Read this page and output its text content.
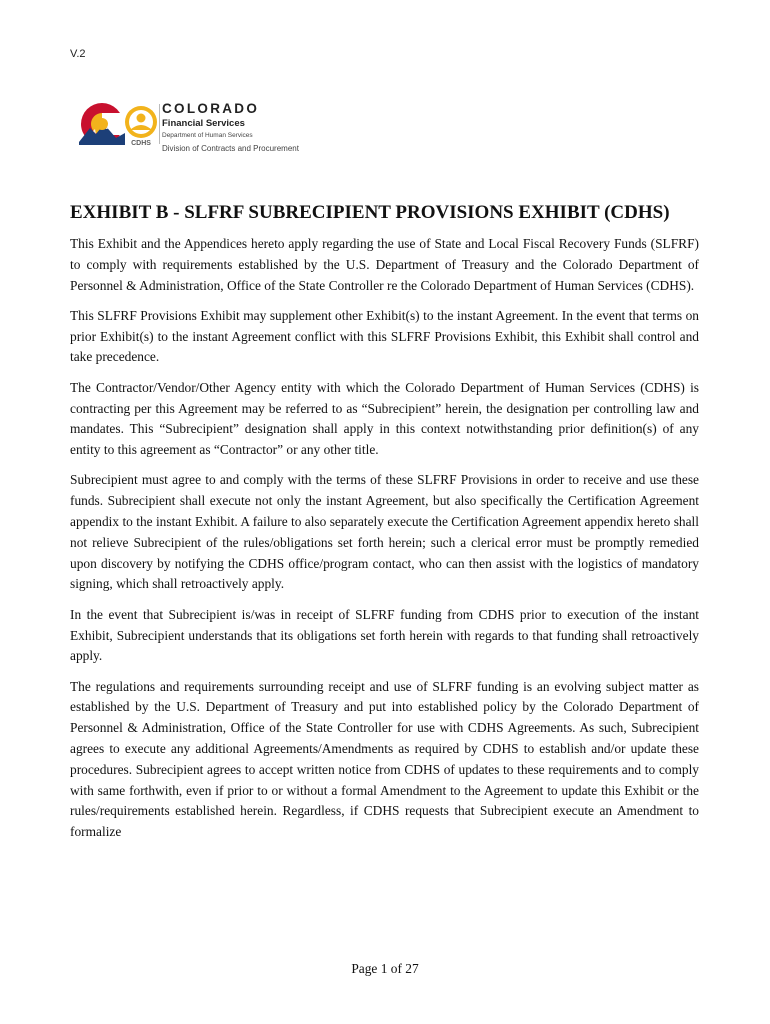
V.2
CDHS
COLORADO
Financial Services
Department of Human Services
Division of Contracts and Procurement
EXHIBIT B - SLFRF SUBRECIPIENT PROVISIONS EXHIBIT (CDHS)

This Exhibit and the Appendices hereto apply regarding the use of State and Local Fiscal Recovery Funds (SLFRF) to comply with requirements established by the U.S. Department of Treasury and the Colorado Department of Personnel & Administration, Office of the State Controller re the Colorado Department of Human Services (CDHS).

This SLFRF Provisions Exhibit may supplement other Exhibit(s) to the instant Agreement. In the event that terms on prior Exhibit(s) to the instant Agreement conflict with this SLFRF Provisions Exhibit, this Exhibit shall control and take precedence.

The Contractor/Vendor/Other Agency entity with which the Colorado Department of Human Services (CDHS) is contracting per this Agreement may be referred to as “Subrecipient” herein, the designation per controlling law and mandates. This “Subrecipient” designation shall apply in this context notwithstanding prior definition(s) of any entity to this agreement as “Contractor” or any other title.

Subrecipient must agree to and comply with the terms of these SLFRF Provisions in order to receive and use these funds. Subrecipient shall execute not only the instant Agreement, but also specifically the Certification Agreement appendix to the instant Exhibit. A failure to also separately execute the Certification Agreement appendix hereto shall not relieve Subrecipient of the rules/obligations set forth herein; such a clerical error must be promptly remedied upon discovery by notifying the CDHS office/program contact, who can then assist with the logistics of mandatory signing, which shall retroactively apply.

In the event that Subrecipient is/was in receipt of SLFRF funding from CDHS prior to execution of the instant Exhibit, Subrecipient understands that its obligations set forth herein with regards to that funding shall retroactively apply.

The regulations and requirements surrounding receipt and use of SLFRF funding is an evolving subject matter as established by the U.S. Department of Treasury and put into established policy by the Colorado Department of Personnel & Administration, Office of the State Controller for use with CDHS Agreements. As such, Subrecipient agrees to execute any additional Agreements/Amendments as required by CDHS to establish and/or update these procedures. Subrecipient agrees to accept written notice from CDHS of updates to these requirements and to comply with same forthwith, even if prior to or without a formal Amendment to the Agreement to update this Exhibit or the rules/requirements established herein. Regardless, if CDHS requests that Subrecipient execute an Amendment to formalize

Page 1 of 27
